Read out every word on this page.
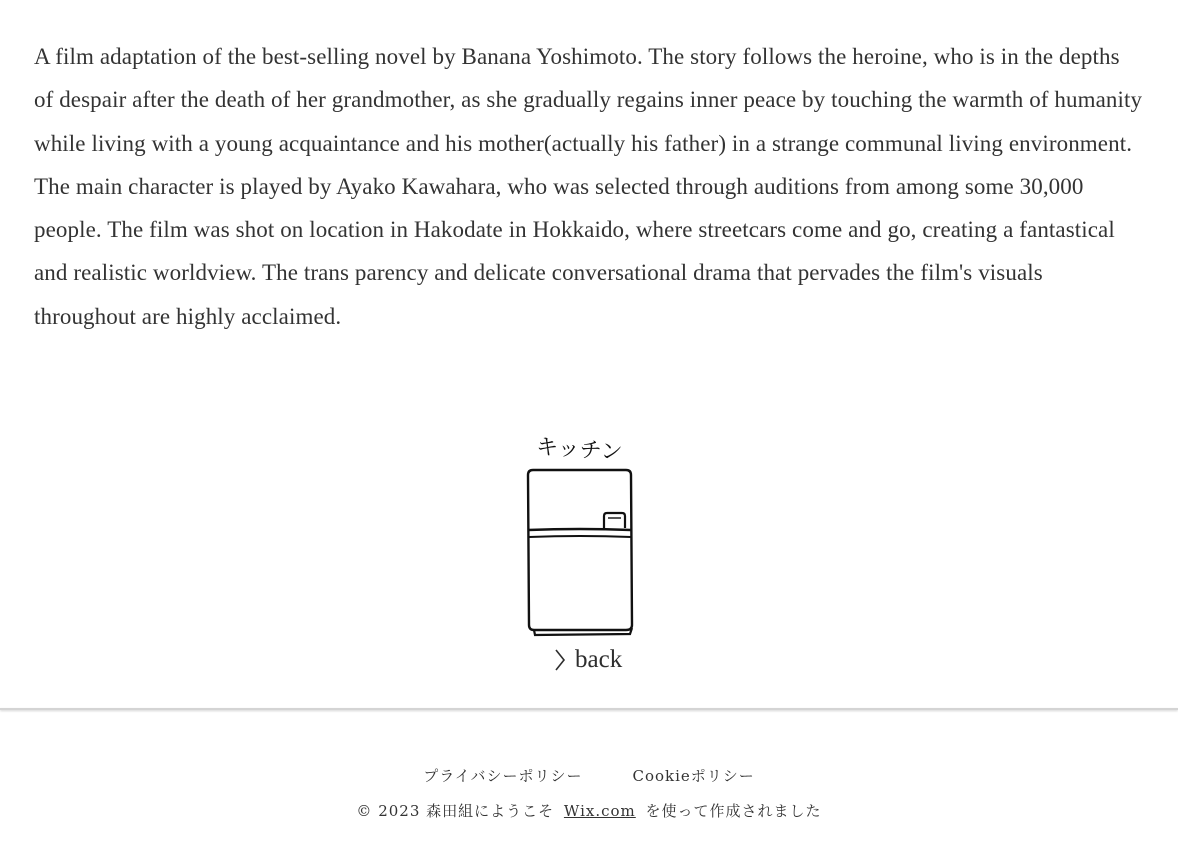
A film adaptation of the best-selling novel by Banana Yoshimoto. The story follows the heroine, who is in the depths of despair after the death of her grandmother, as she gradually regains inner peace by touching the warmth of humanity while living with a young acquaintance and his mother(actually his father) in a strange communal living environment. The main character is played by Ayako Kawahara, who was selected through auditions from among some 30,000 people. The film was shot on location in Hakodate in Hokkaido, where streetcars come and go, creating a fantastical and realistic worldview. The trans parency and delicate conversational drama that pervades the film's visuals throughout are highly acclaimed.

キッチン
back
プライバシーポリシー	Cookieポリシー
© 2023 森田組にようこそ Wix.com を使って作成されました
